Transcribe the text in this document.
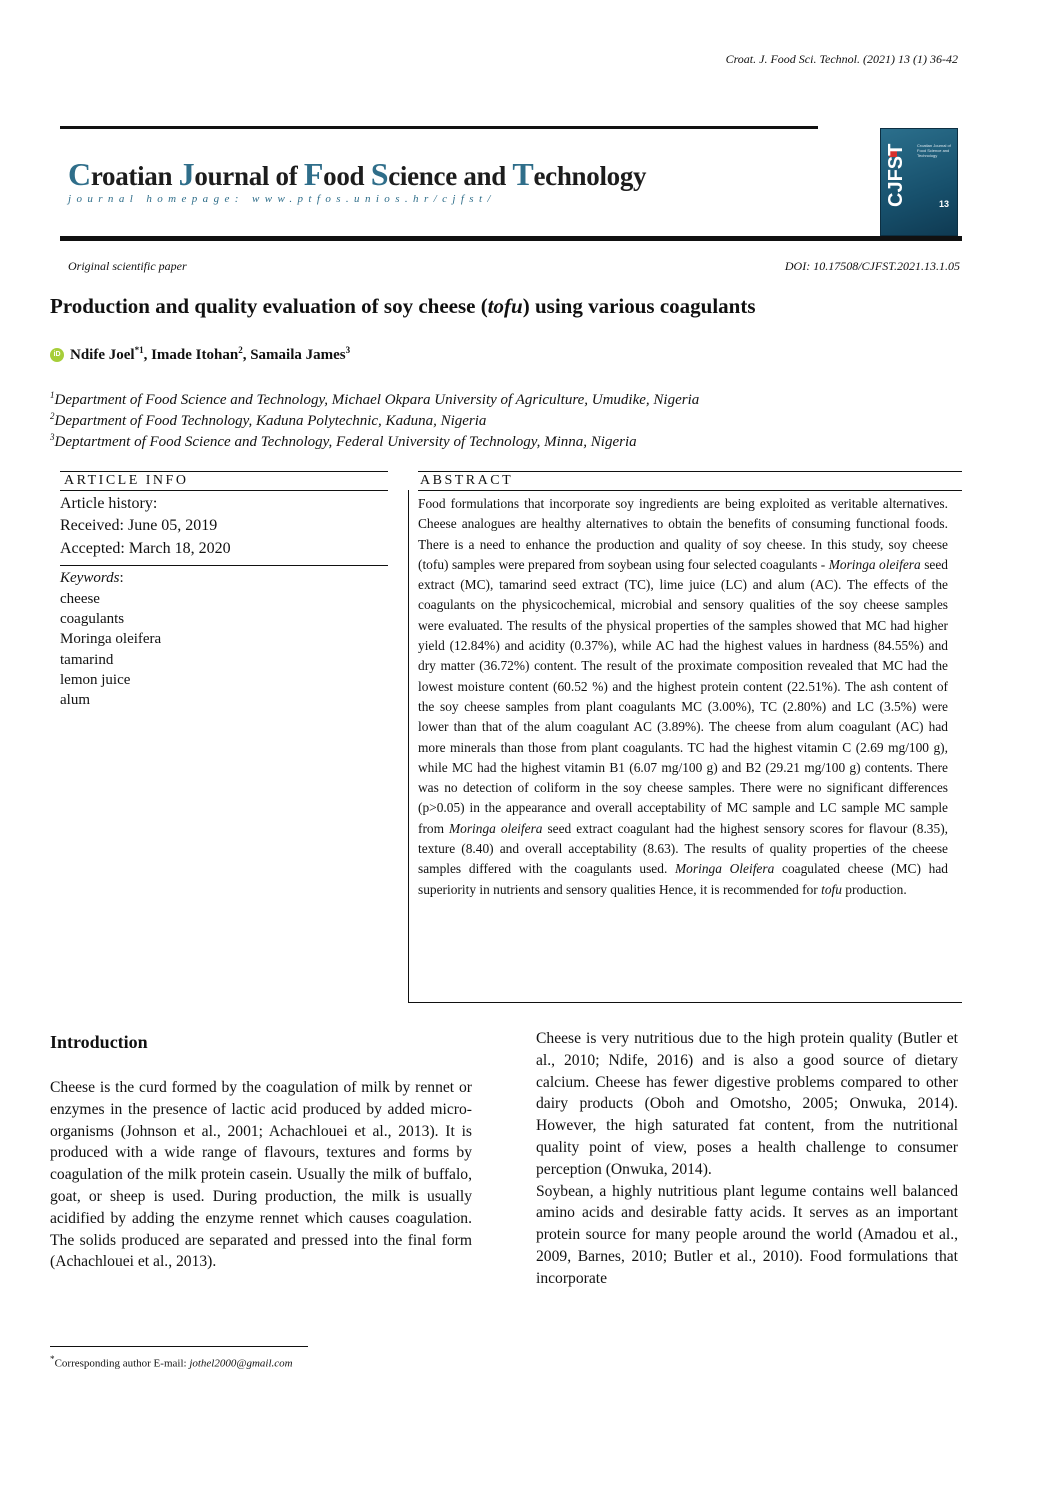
Croat. J. Food Sci. Technol. (2021) 13 (1) 36-42
Croatian Journal of Food Science and Technology
journal homepage: www.ptfos.unios.hr/cjfst/	CJFST	Croatian Journal of Food Science and Technology
13
Original scientific paper	DOI: 10.17508/CJFST.2021.13.1.05
Production and quality evaluation of soy cheese (tofu) using various coagulants
iD Ndife Joel$^{*1}$, Imade Itohan$^2$, Samaila James$^3$
$^1$Department of Food Science and Technology, Michael Okpara University of Agriculture, Umudike, Nigeria
$^2$Department of Food Technology, Kaduna Polytechnic, Kaduna, Nigeria
$^3$Deptartment of Food Science and Technology, Federal University of Technology, Minna, Nigeria
ARTICLE INFO	ABSTRACT
Article history:
Received: June 05, 2019
Accepted: March 18, 2020
Keywords:
cheese
coagulants
Moringa oleifera
tamarind
lemon juice
alum

Food formulations that incorporate soy ingredients are being exploited as veritable alternatives. Cheese analogues are healthy alternatives to obtain the benefits of consuming functional foods. There is a need to enhance the production and quality of soy cheese. In this study, soy cheese (tofu) samples were prepared from soybean using four selected coagulants - Moringa oleifera seed extract (MC), tamarind seed extract (TC), lime juice (LC) and alum (AC). The effects of the coagulants on the physicochemical, microbial and sensory qualities of the soy cheese samples were evaluated. The results of the physical properties of the samples showed that MC had higher yield (12.84%) and acidity (0.37%), while AC had the highest values in hardness (84.55%) and dry matter (36.72%) content. The result of the proximate composition revealed that MC had the lowest moisture content (60.52 %) and the highest protein content (22.51%). The ash content of the soy cheese samples from plant coagulants MC (3.00%), TC (2.80%) and LC (3.5%) were lower than that of the alum coagulant AC (3.89%). The cheese from alum coagulant (AC) had more minerals than those from plant coagulants. TC had the highest vitamin C (2.69 mg/100 g), while MC had the highest vitamin B1 (6.07 mg/100 g) and B2 (29.21 mg/100 g) contents. There was no detection of coliform in the soy cheese samples. There were no significant differences (p>0.05) in the appearance and overall acceptability of MC sample and LC sample MC sample from Moringa oleifera seed extract coagulant had the highest sensory scores for flavour (8.35), texture (8.40) and overall acceptability (8.63). The results of quality properties of the cheese samples differed with the coagulants used. Moringa Oleifera coagulated cheese (MC) had superiority in nutrients and sensory qualities Hence, it is recommended for tofu production.

Introduction

Cheese is the curd formed by the coagulation of milk by rennet or enzymes in the presence of lactic acid produced by added micro-organisms (Johnson et al., 2001; Achachlouei et al., 2013). It is produced with a wide range of flavours, textures and forms by coagulation of the milk protein casein. Usually the milk of buffalo, goat, or sheep is used. During production, the milk is usually acidified by adding the enzyme rennet which causes coagulation. The solids produced are separated and pressed into the final form (Achachlouei et al., 2013).

Cheese is very nutritious due to the high protein quality (Butler et al., 2010; Ndife, 2016) and is also a good source of dietary calcium. Cheese has fewer digestive problems compared to other dairy products (Oboh and Omotsho, 2005; Onwuka, 2014). However, the high saturated fat content, from the nutritional quality point of view, poses a health challenge to consumer perception (Onwuka, 2014).

Soybean, a highly nutritious plant legume contains well balanced amino acids and desirable fatty acids. It serves as an important protein source for many people around the world (Amadou et al., 2009, Barnes, 2010; Butler et al., 2010). Food formulations that incorporate

*Corresponding author E-mail: jothel2000@gmail.com
